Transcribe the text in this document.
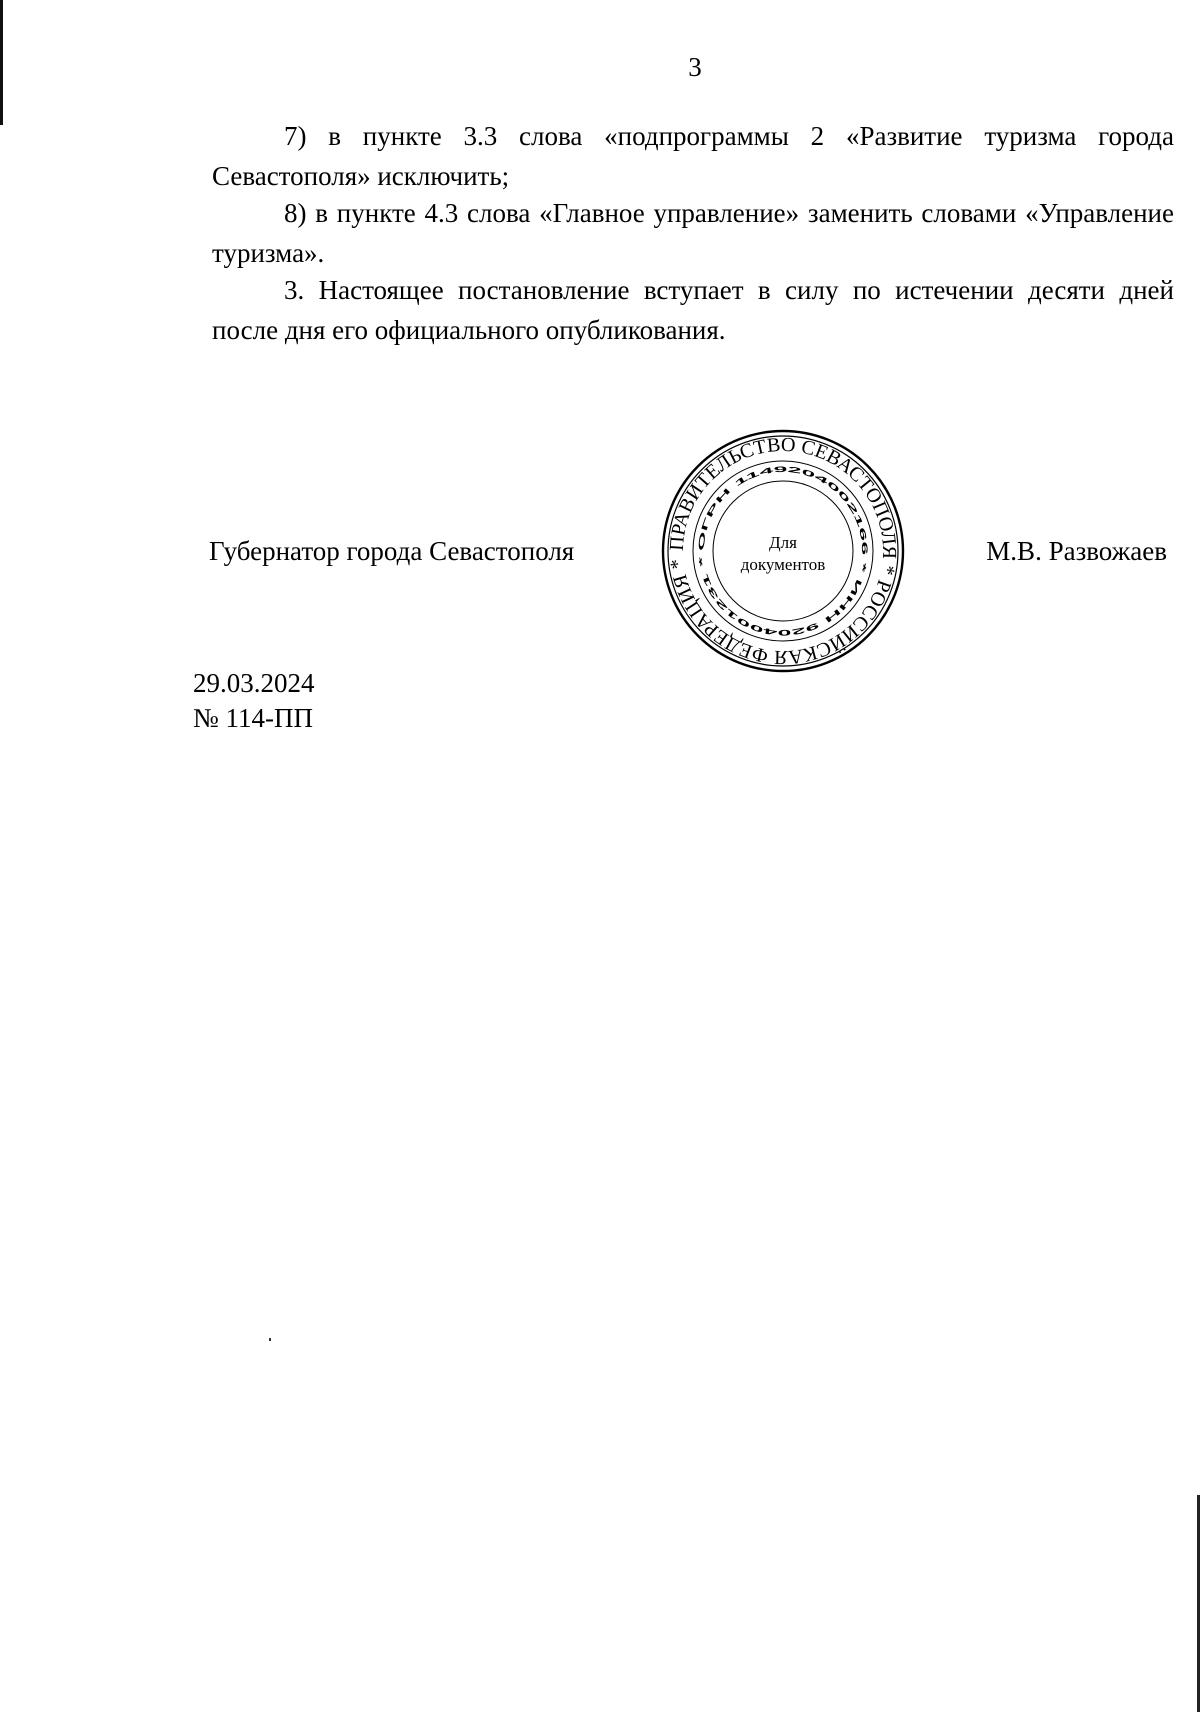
3
7) в пункте 3.3 слова «подпрограммы 2 «Развитие туризма города Севастополя» исключить;
8) в пункте 4.3 слова «Главное управление» заменить словами «Управление туризма».
3. Настоящее постановление вступает в силу по истечении десяти дней после дня его официального опубликования.
Губернатор города Севастополя	ПРАВИТЕЛЬСТВО СЕВАСТОПОЛЯ * РОССИЙСКАЯ ФЕДЕРАЦИЯ *
ОГРН 1149204002166 * ИНН 9204001231 *
Для
документов	М.В. Развожаев
29.03.2024
№ 114-ПП
